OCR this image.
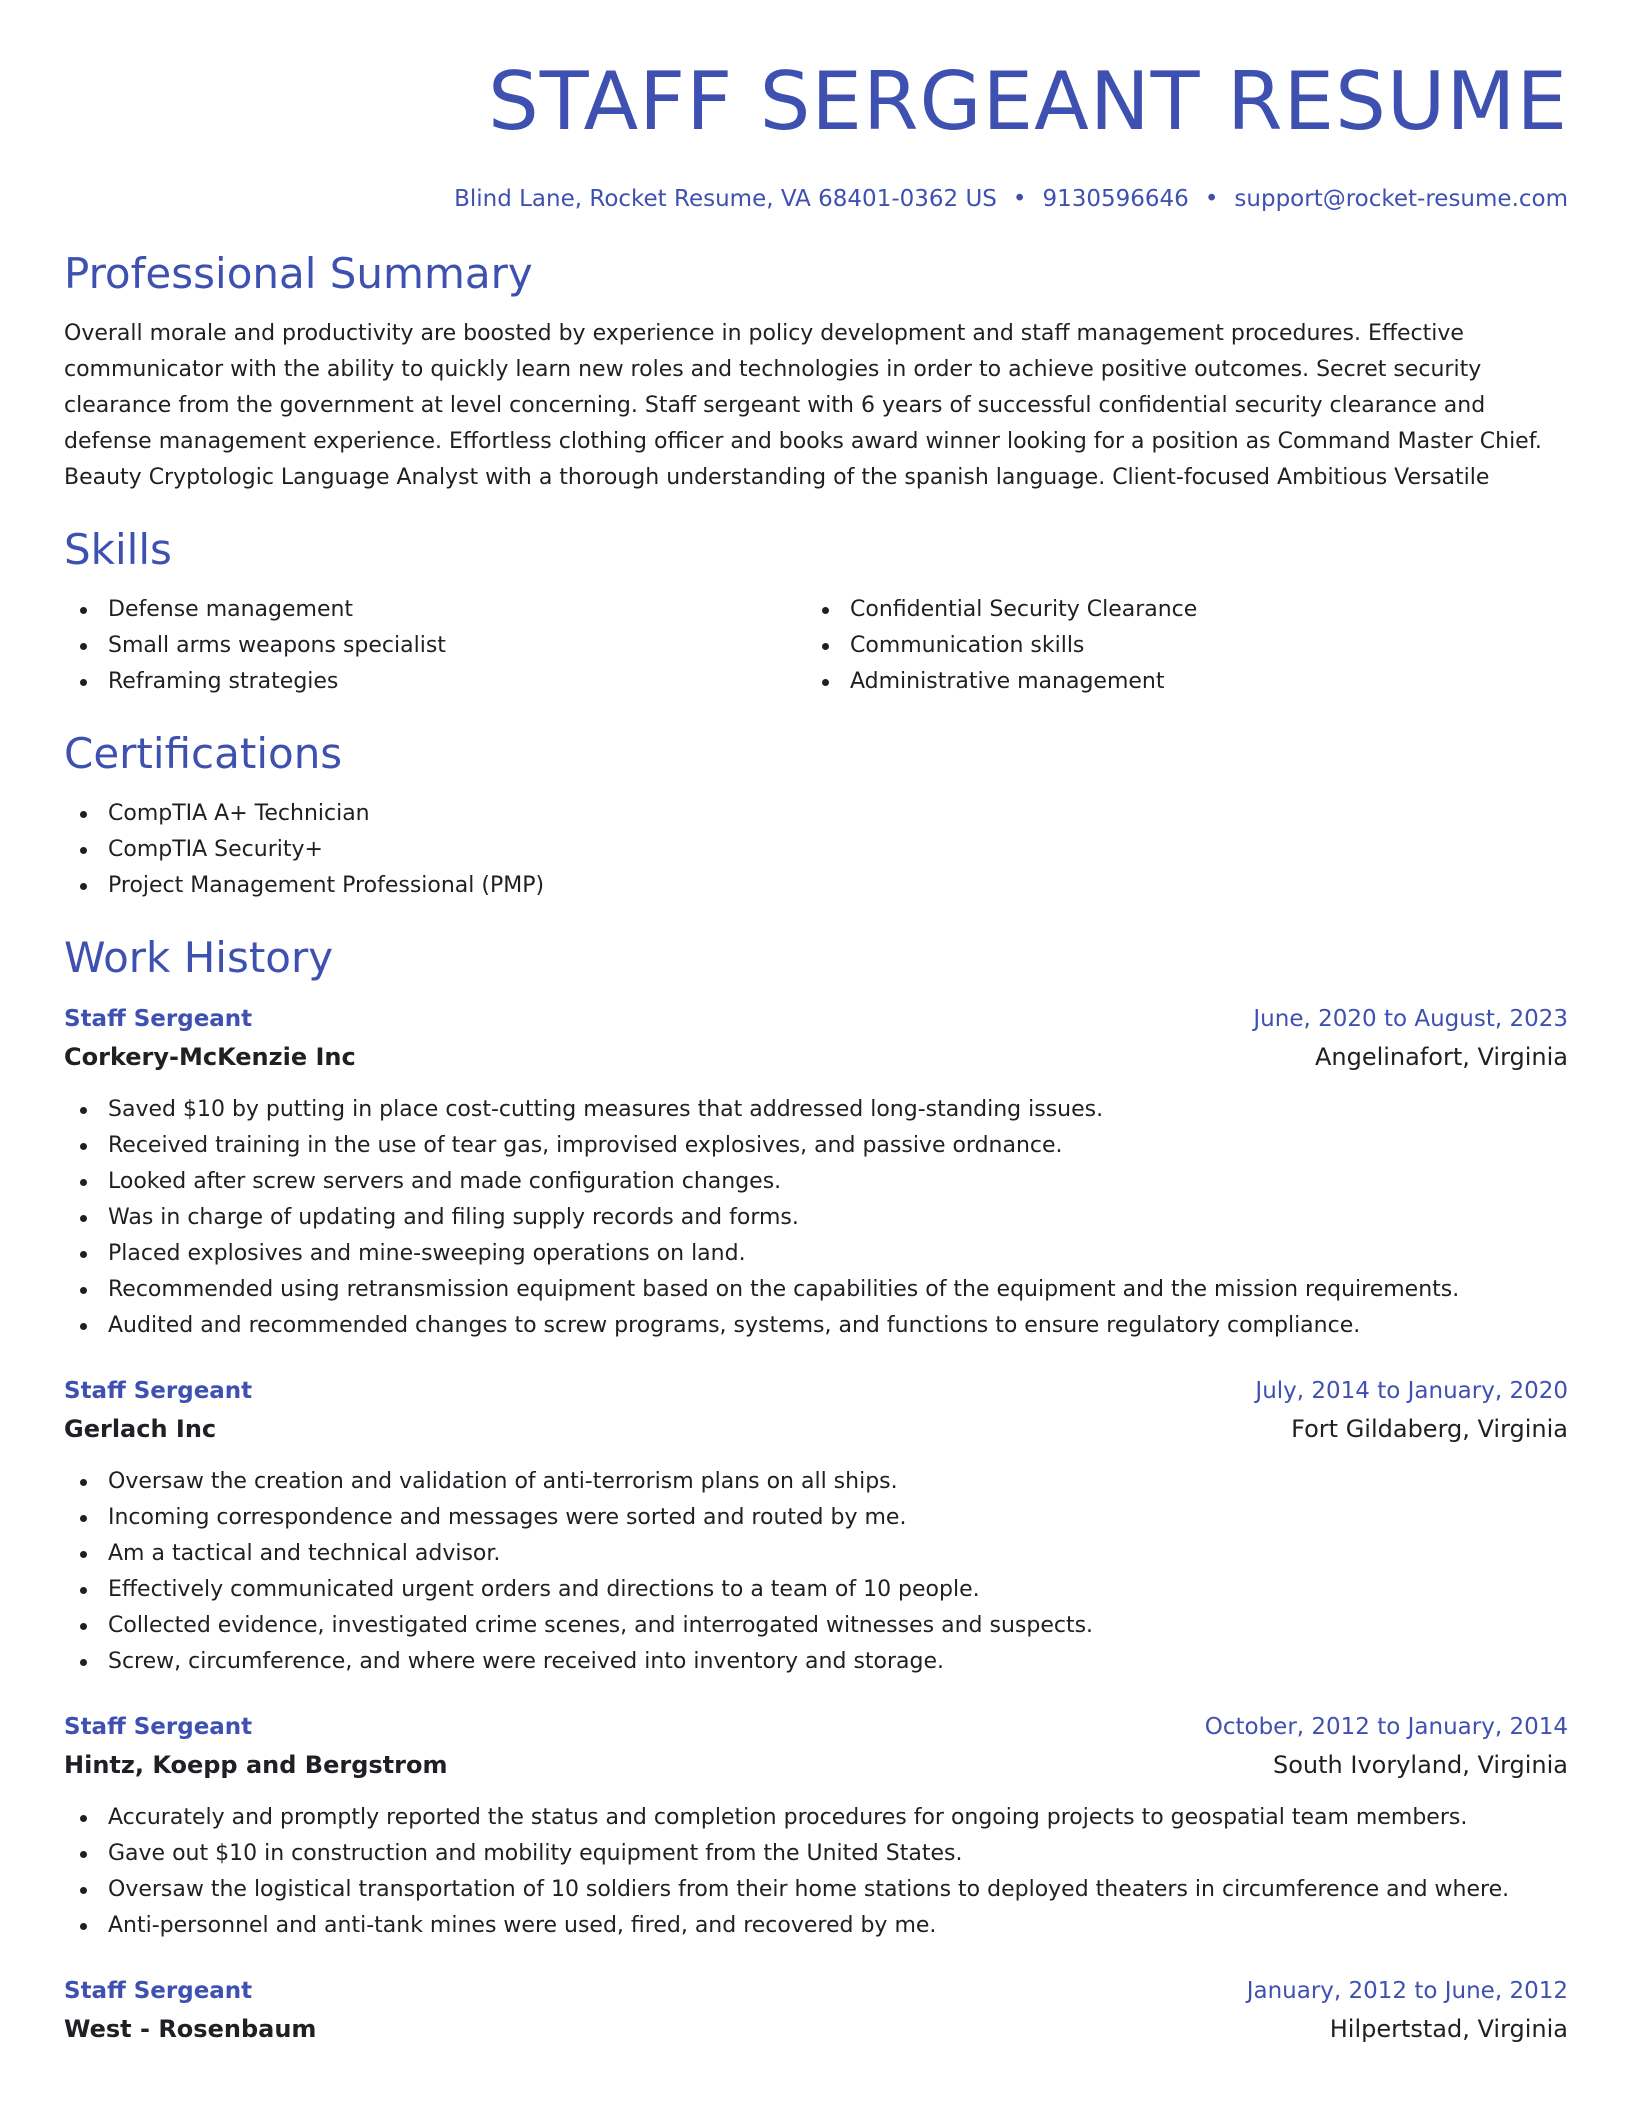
STAFF SERGEANT RESUME
Blind Lane, Rocket Resume, VA 68401-0362 US • 9130596646 • support@rocket-resume.com
Professional Summary
Overall morale and productivity are boosted by experience in policy development and staff management procedures. Effective communicator with the ability to quickly learn new roles and technologies in order to achieve positive outcomes. Secret security clearance from the government at level concerning. Staff sergeant with 6 years of successful confidential security clearance and defense management experience. Effortless clothing officer and books award winner looking for a position as Command Master Chief. Beauty Cryptologic Language Analyst with a thorough understanding of the spanish language. Client-focused Ambitious Versatile
Skills
Defense management
Small arms weapons specialist
Reframing strategies
Confidential Security Clearance
Communication skills
Administrative management
Certifications
CompTIA A+ Technician
CompTIA Security+
Project Management Professional (PMP)
Work History
Staff Sergeant	June, 2020 to August, 2023
Corkery-McKenzie Inc	Angelinafort, Virginia
Saved $10 by putting in place cost-cutting measures that addressed long-standing issues.
Received training in the use of tear gas, improvised explosives, and passive ordnance.
Looked after screw servers and made configuration changes.
Was in charge of updating and filing supply records and forms.
Placed explosives and mine-sweeping operations on land.
Recommended using retransmission equipment based on the capabilities of the equipment and the mission requirements.
Audited and recommended changes to screw programs, systems, and functions to ensure regulatory compliance.
Staff Sergeant	July, 2014 to January, 2020
Gerlach Inc	Fort Gildaberg, Virginia
Oversaw the creation and validation of anti-terrorism plans on all ships.
Incoming correspondence and messages were sorted and routed by me.
Am a tactical and technical advisor.
Effectively communicated urgent orders and directions to a team of 10 people.
Collected evidence, investigated crime scenes, and interrogated witnesses and suspects.
Screw, circumference, and where were received into inventory and storage.
Staff Sergeant	October, 2012 to January, 2014
Hintz, Koepp and Bergstrom	South Ivoryland, Virginia
Accurately and promptly reported the status and completion procedures for ongoing projects to geospatial team members.
Gave out $10 in construction and mobility equipment from the United States.
Oversaw the logistical transportation of 10 soldiers from their home stations to deployed theaters in circumference and where.
Anti-personnel and anti-tank mines were used, fired, and recovered by me.
Staff Sergeant	January, 2012 to June, 2012
West - Rosenbaum	Hilpertstad, Virginia
